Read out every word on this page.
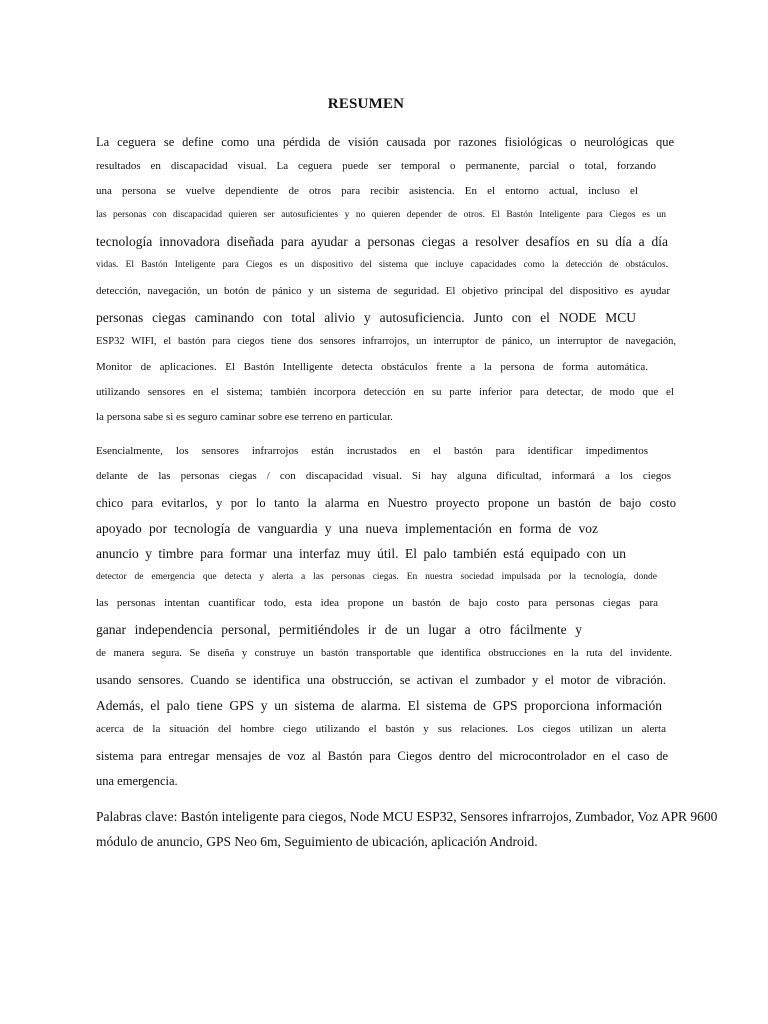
RESUMEN
La ceguera se define como una pérdida de visión causada por razones fisiológicas o neurológicas que
resultados en discapacidad visual. La ceguera puede ser temporal o permanente, parcial o total, forzando
una persona se vuelve dependiente de otros para recibir asistencia. En el entorno actual, incluso el
las personas con discapacidad quieren ser autosuficientes y no quieren depender de otros. El Bastón Inteligente para Ciegos es un
tecnología innovadora diseñada para ayudar a personas ciegas a resolver desafíos en su día a día
vidas. El Bastón Inteligente para Ciegos es un dispositivo del sistema que incluye capacidades como la detección de obstáculos.
detección, navegación, un botón de pánico y un sistema de seguridad. El objetivo principal del dispositivo es ayudar
personas ciegas caminando con total alivio y autosuficiencia. Junto con el NODE MCU
ESP32 WIFI, el bastón para ciegos tiene dos sensores infrarrojos, un interruptor de pánico, un interruptor de navegación,
Monitor de aplicaciones. El Bastón Intelligente detecta obstáculos frente a la persona de forma automática.
utilizando sensores en el sistema; también incorpora detección en su parte inferior para detectar, de modo que el
la persona sabe si es seguro caminar sobre ese terreno en particular.
Esencialmente, los sensores infrarrojos están incrustados en el bastón para identificar impedimentos
delante de las personas ciegas / con discapacidad visual. Si hay alguna dificultad, informará a los ciegos
chico para evitarlos, y por lo tanto la alarma en Nuestro proyecto propone un bastón de bajo costo
apoyado por tecnología de vanguardia y una nueva implementación en forma de voz
anuncio y timbre para formar una interfaz muy útil. El palo también está equipado con un
detector de emergencia que detecta y alerta a las personas ciegas. En nuestra sociedad impulsada por la tecnología, donde
las personas intentan cuantificar todo, esta idea propone un bastón de bajo costo para personas ciegas para
ganar independencia personal, permitiéndoles ir de un lugar a otro fácilmente y
de manera segura. Se diseña y construye un bastón transportable que identifica obstrucciones en la ruta del invidente.
usando sensores. Cuando se identifica una obstrucción, se activan el zumbador y el motor de vibración.
Además, el palo tiene GPS y un sistema de alarma. El sistema de GPS proporciona información
acerca de la situación del hombre ciego utilizando el bastón y sus relaciones. Los ciegos utilizan un alerta
sistema para entregar mensajes de voz al Bastón para Ciegos dentro del microcontrolador en el caso de
una emergencia.
Palabras clave: Bastón inteligente para ciegos, Node MCU ESP32, Sensores infrarrojos, Zumbador, Voz APR 9600
módulo de anuncio, GPS Neo 6m, Seguimiento de ubicación, aplicación Android.
